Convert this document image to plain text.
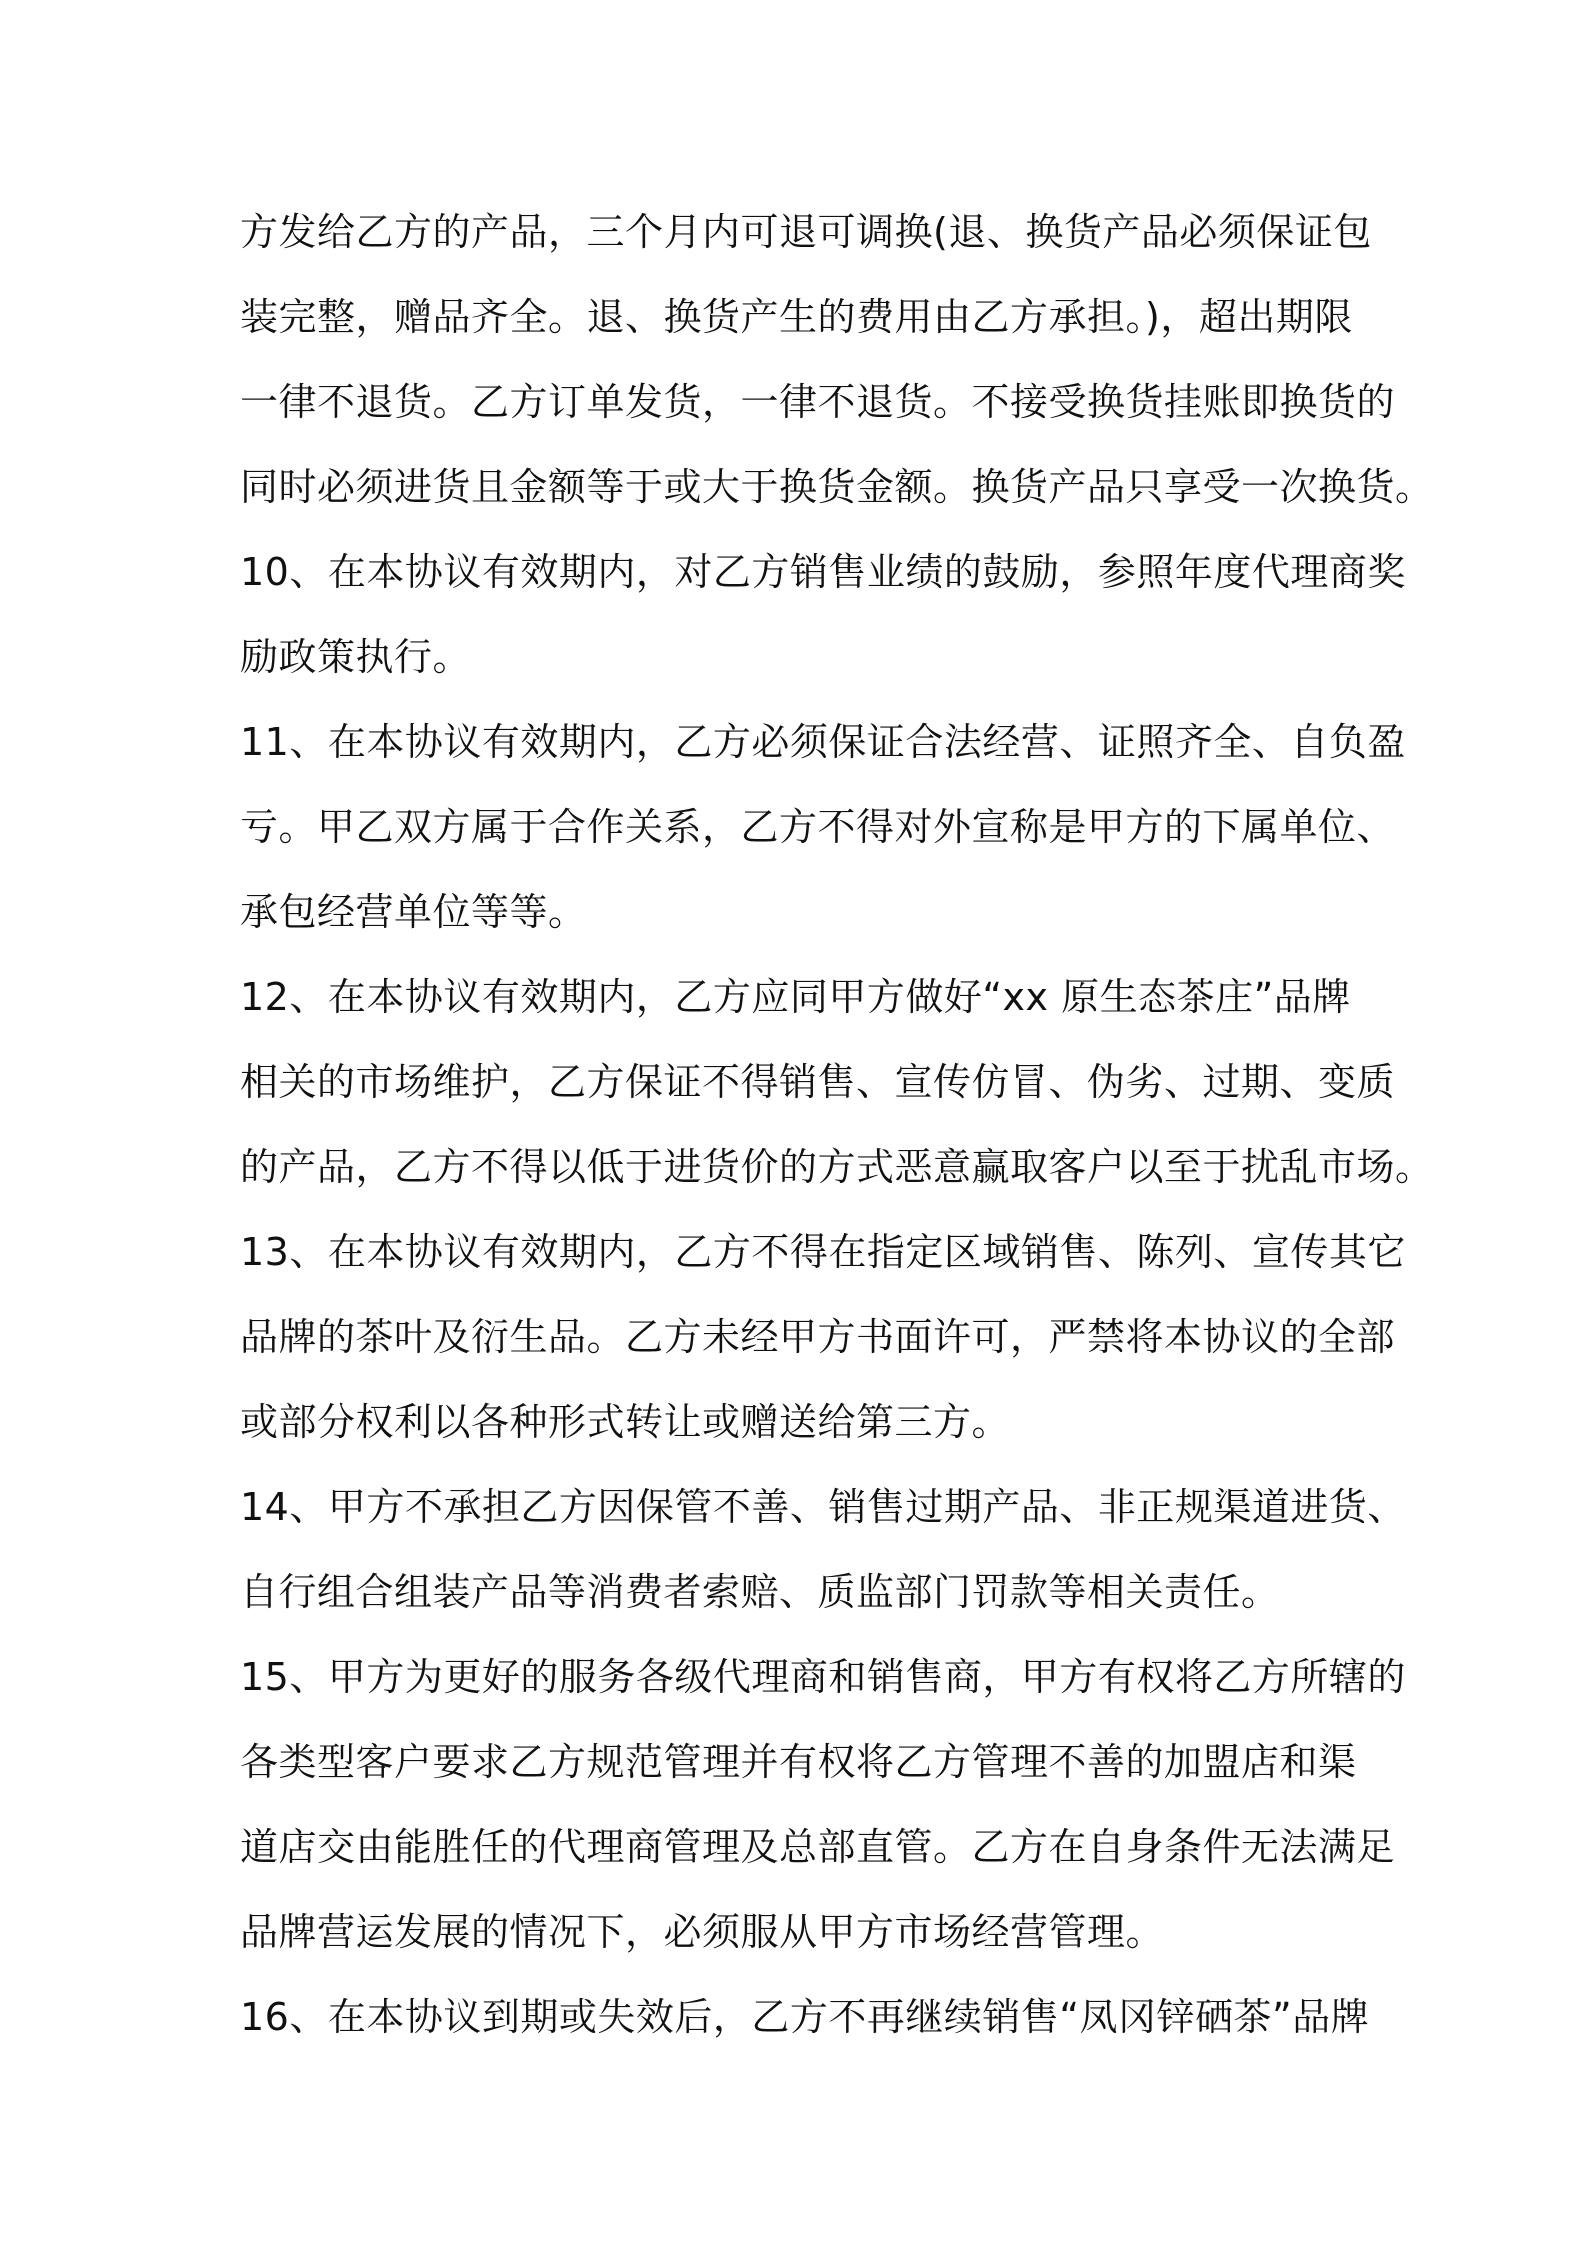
方发给乙方的产品，三个月内可退可调换(退、换货产品必须保证包
装完整，赠品齐全。退、换货产生的费用由乙方承担。)，超出期限
一律不退货。乙方订单发货，一律不退货。不接受换货挂账即换货的
同时必须进货且金额等于或大于换货金额。换货产品只享受一次换货。
10、在本协议有效期内，对乙方销售业绩的鼓励，参照年度代理商奖
励政策执行。
11、在本协议有效期内，乙方必须保证合法经营、证照齐全、自负盈
亏。甲乙双方属于合作关系，乙方不得对外宣称是甲方的下属单位、
承包经营单位等等。
12、在本协议有效期内，乙方应同甲方做好“xx 原生态茶庄”品牌
相关的市场维护，乙方保证不得销售、宣传仿冒、伪劣、过期、变质
的产品，乙方不得以低于进货价的方式恶意赢取客户以至于扰乱市场。
13、在本协议有效期内，乙方不得在指定区域销售、陈列、宣传其它
品牌的茶叶及衍生品。乙方未经甲方书面许可，严禁将本协议的全部
或部分权利以各种形式转让或赠送给第三方。
14、甲方不承担乙方因保管不善、销售过期产品、非正规渠道进货、
自行组合组装产品等消费者索赔、质监部门罚款等相关责任。
15、甲方为更好的服务各级代理商和销售商，甲方有权将乙方所辖的
各类型客户要求乙方规范管理并有权将乙方管理不善的加盟店和渠
道店交由能胜任的代理商管理及总部直管。乙方在自身条件无法满足
品牌营运发展的情况下，必须服从甲方市场经营管理。
16、在本协议到期或失效后，乙方不再继续销售“凤冈锌硒茶”品牌
